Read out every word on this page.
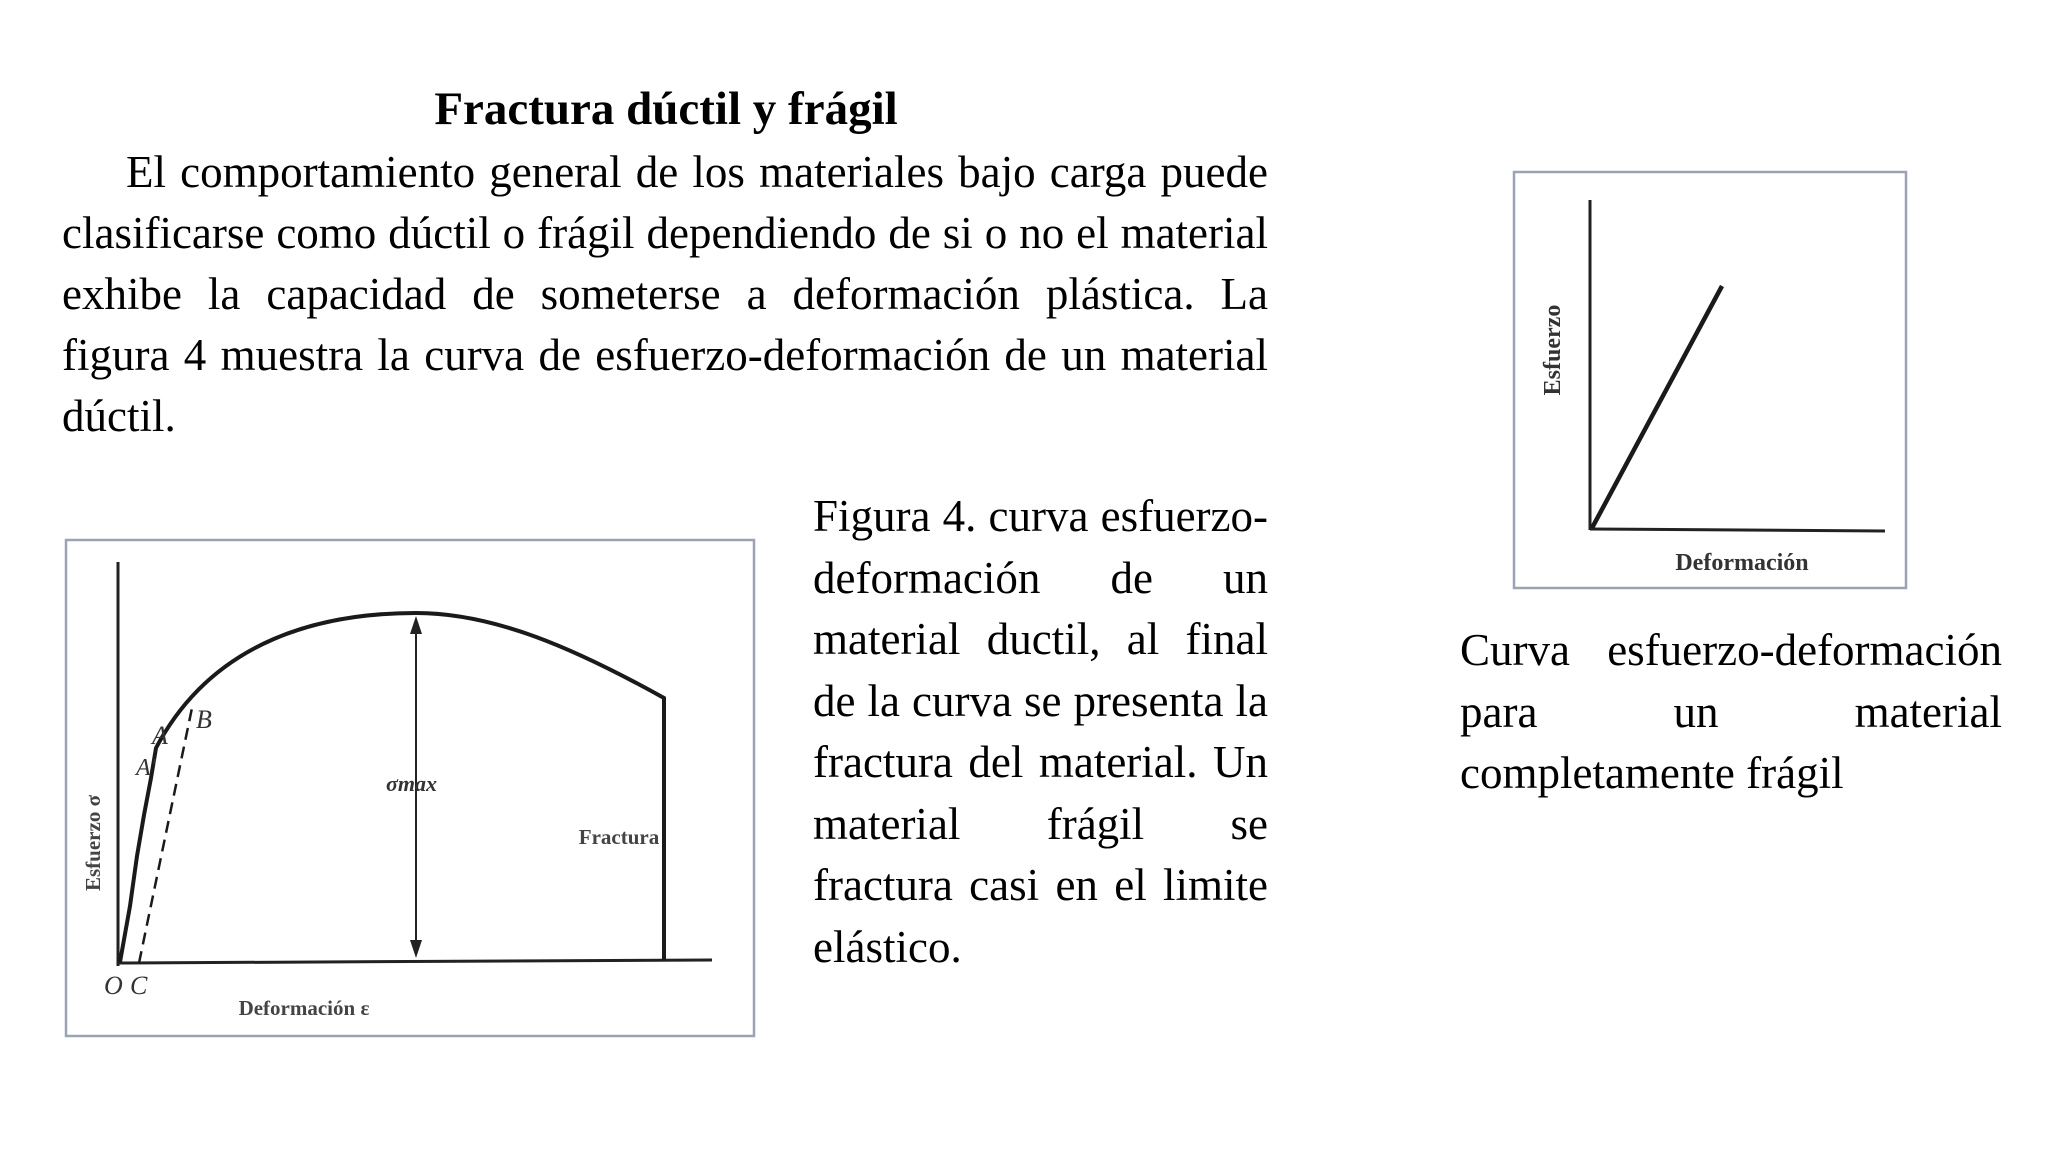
Fractura dúctil y frágil

El comportamiento general de los materiales bajo carga puede clasificarse como dúctil o frágil dependiendo de si o no el material exhibe la capacidad de someterse a deformación plástica. La figura 4 muestra la curva de esfuerzo-deformación de un material dúctil.

σmax
Fractura
Esfuerzo σ
Deformación ε
O C
A
A'
B

Figura 4. curva esfuerzo-deformación de un material ductil, al final de la curva se presenta la fractura del material. Un material frágil se fractura casi en el limite elástico.

Esfuerzo
Deformación

Curva esfuerzo-deformación para un material completamente frágil
